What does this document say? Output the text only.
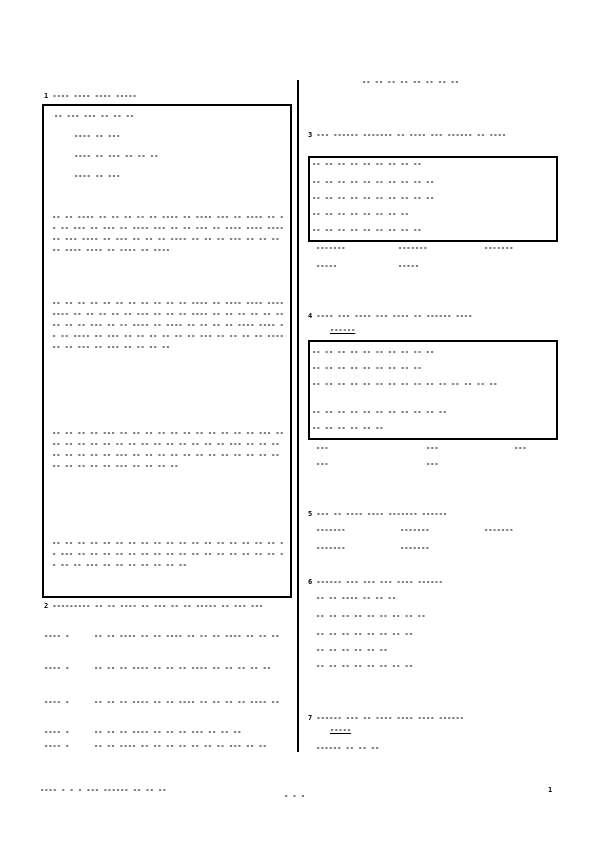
1 ---- ---- ---- -----
-- --- --- -- -- --
---- -- ---
---- -- --- -- -- --
---- -- ---
-- -- ---- -- -- -- -- -- ---- -- ---- --- -- ---- -- -- -- --- -- --- -- ---- --- -- -- --- -- ---- ---- ---- -- --- ---- -- --- -- -- -- ---- -- -- -- --- -- -- -- -- ---- ---- -- ---- -- ----
-- -- -- -- -- -- -- -- -- -- -- ---- -- ---- ---- ---- ---- -- -- -- -- -- --- -- -- -- ---- -- -- -- -- -- ---- -- -- --- -- -- ---- -- ---- -- -- -- -- ---- ---- -- -- ---- -- --- -- -- -- -- -- -- --- -- -- -- -- ---- -- -- --- -- --- -- -- -- --
-- -- -- -- --- -- -- -- -- -- -- -- -- -- -- -- --- -- -- -- -- -- -- -- -- -- -- -- -- -- -- -- --- -- -- -- -- -- -- -- -- --- -- -- -- -- -- -- -- -- -- -- -- -- -- -- -- -- -- --- -- -- -- --
-- -- -- -- -- -- -- -- -- -- -- -- -- -- -- -- -- -- -- --- -- -- -- -- -- -- -- -- -- -- -- -- -- -- -- -- -- -- -- --- -- -- -- -- -- -- --
2 --------- -- -- ---- -- --- -- -- ----- -- --- ---
---- -	-- -- ---- -- -- ---- -- -- -- ---- -- -- --
---- -	-- -- -- ---- -- -- -- ---- -- -- -- -- --
---- -	-- -- -- ---- -- -- ---- -- -- -- -- ---- --
---- -	-- -- -- ---- -- -- -- --- -- -- --
---- -	-- -- ---- -- -- -- -- -- -- -- --- -- --
-- -- -- -- -- -- -- --
3 --- ------ ------- -- ---- --- ------ -- ----
-- -- -- -- -- -- -- -- --
-- -- -- -- -- -- -- -- -- --
-- -- -- -- -- -- -- -- -- --
-- -- -- -- -- -- -- --
-- -- -- -- -- -- -- -- --
-------	-------	-------
-----	-----
4 ---- --- ---- --- ---- -- ------ ----
------
-- -- -- -- -- -- -- -- -- --
-- -- -- -- -- -- -- -- --
-- -- -- -- -- -- -- -- -- -- -- -- -- -- --
-- -- -- -- -- -- -- -- -- -- --
-- -- -- -- -- --
---	---	---
---	---
5 --- -- ---- ---- ------- ------
-------	-------	-------
-------	-------
6 ------ --- --- --- ---- ------
-- -- ---- -- -- --
-- -- -- -- -- -- -- -- --
-- -- -- -- -- -- -- --
-- -- -- -- -- --
-- -- -- -- -- -- -- --
7 ------ --- -- ---- ---- ---- ------
-----
------ -- -- --
---- - - - --- ------ -- -- --
- - -
1
